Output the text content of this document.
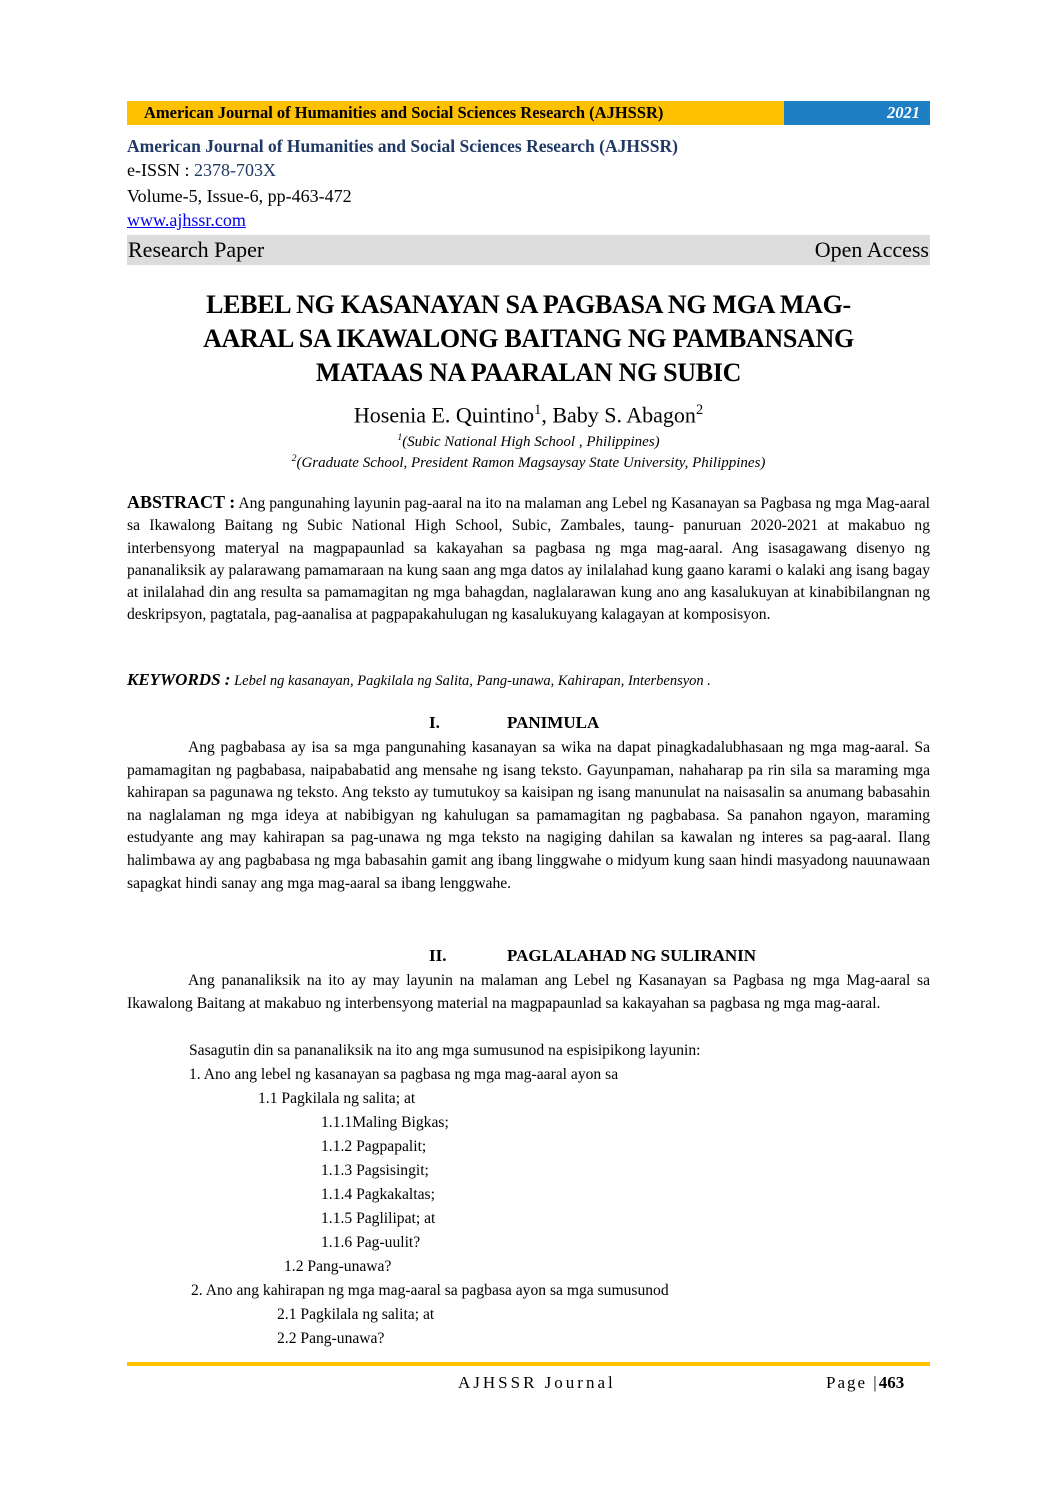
American Journal of Humanities and Social Sciences Research (AJHSSR)	2021
American Journal of Humanities and Social Sciences Research (AJHSSR)
e-ISSN : 2378-703X
Volume-5, Issue-6, pp-463-472
www.ajhssr.com
Research Paper	Open Access
LEBEL NG KASANAYAN SA PAGBASA NG MGA MAG-
AARAL SA IKAWALONG BAITANG NG PAMBANSANG
MATAAS NA PAARALAN NG SUBIC
Hosenia E. Quintino$^1$, Baby S. Abagon$^2$
$^1$(Subic National High School , Philippines)
$^2$(Graduate School, President Ramon Magsaysay State University, Philippines)
ABSTRACT : Ang pangunahing layunin pag-aaral na ito na malaman ang Lebel ng Kasanayan sa Pagbasa ng mga Mag-aaral sa Ikawalong Baitang ng Subic National High School, Subic, Zambales, taung- panuruan 2020-2021 at makabuo ng interbensyong materyal na magpapaunlad sa kakayahan sa pagbasa ng mga mag-aaral. Ang isasagawang disenyo ng pananaliksik ay palarawang pamamaraan na kung saan ang mga datos ay inilalahad kung gaano karami o kalaki ang isang bagay at inilalahad din ang resulta sa pamamagitan ng mga bahagdan, naglalarawan kung ano ang kasalukuyan at kinabibilangnan ng deskripsyon, pagtatala, pag-aanalisa at pagpapakahulugan ng kasalukuyang kalagayan at komposisyon.
KEYWORDS : Lebel ng kasanayan, Pagkilala ng Salita, Pang-unawa, Kahirapan, Interbensyon .
I.	PANIMULA
Ang pagbabasa ay isa sa mga pangunahing kasanayan sa wika na dapat pinagkadalubhasaan ng mga mag-aaral. Sa pamamagitan ng pagbabasa, naipababatid ang mensahe ng isang teksto. Gayunpaman, nahaharap pa rin sila sa maraming mga kahirapan sa pagunawa ng teksto. Ang teksto ay tumutukoy sa kaisipan ng isang manunulat na naisasalin sa anumang babasahin na naglalaman ng mga ideya at nabibigyan ng kahulugan sa pamamagitan ng pagbabasa. Sa panahon ngayon, maraming estudyante ang may kahirapan sa pag-unawa ng mga teksto na nagiging dahilan sa kawalan ng interes sa pag-aaral. Ilang halimbawa ay ang pagbabasa ng mga babasahin gamit ang ibang linggwahe o midyum kung saan hindi masyadong nauunawaan sapagkat hindi sanay ang mga mag-aaral sa ibang lenggwahe.
II.	PAGLALAHAD NG SULIRANIN
Ang pananaliksik na ito ay may layunin na malaman ang Lebel ng Kasanayan sa Pagbasa ng mga Mag-aaral sa Ikawalong Baitang at makabuo ng interbensyong material na magpapaunlad sa kakayahan sa pagbasa ng mga mag-aaral.
Sasagutin din sa pananaliksik na ito ang mga sumusunod na espisipikong layunin:
1. Ano ang lebel ng kasanayan sa pagbasa ng mga mag-aaral ayon sa
1.1 Pagkilala ng salita; at
1.1.1Maling Bigkas;
1.1.2 Pagpapalit;
1.1.3 Pagsisingit;
1.1.4 Pagkakaltas;
1.1.5 Paglilipat; at
1.1.6 Pag-uulit?
1.2 Pang-unawa?
2. Ano ang kahirapan ng mga mag-aaral sa pagbasa ayon sa mga sumusunod
2.1 Pagkilala ng salita; at
2.2 Pang-unawa?
AJHSSR Journal	Page |463
